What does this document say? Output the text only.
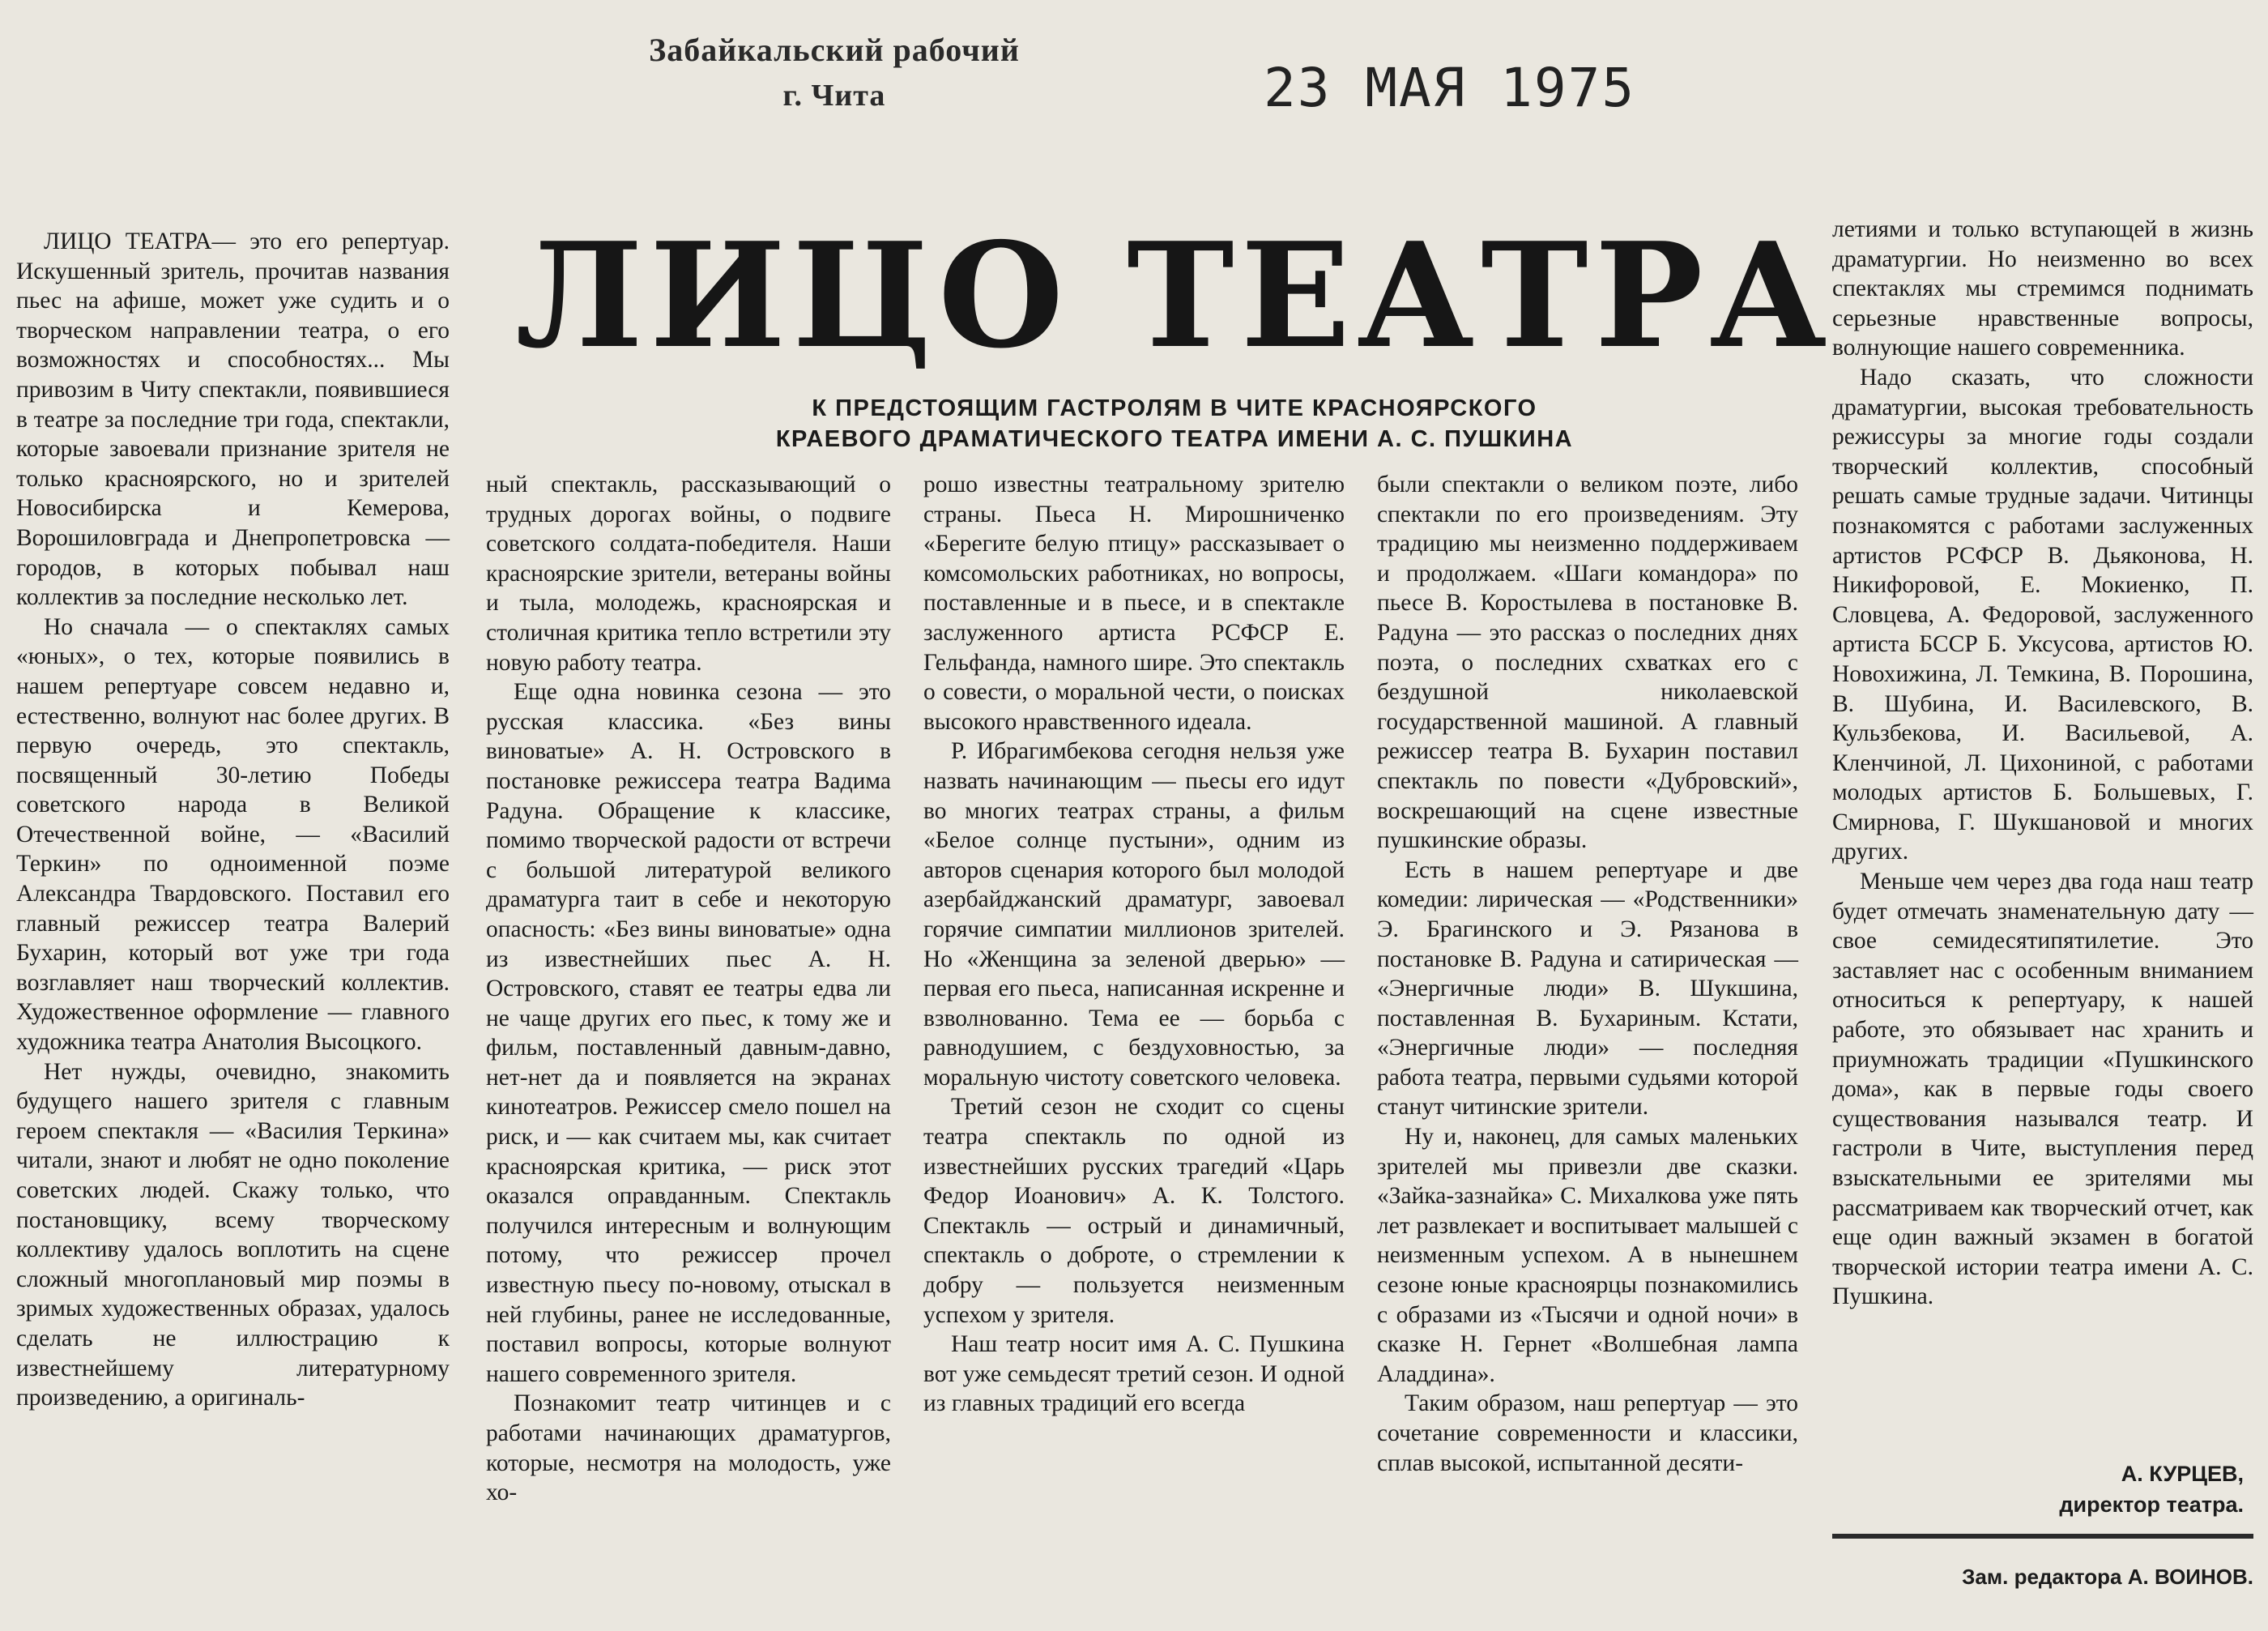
Забайкальский рабочий
г. Чита	23 МАЯ 1975
ЛИЦО ТЕАТРА
К ПРЕДСТОЯЩИМ ГАСТРОЛЯМ В ЧИТЕ КРАСНОЯРСКОГО
КРАЕВОГО ДРАМАТИЧЕСКОГО ТЕАТРА ИМЕНИ А. С. ПУШКИНА

ЛИЦО ТЕАТРА— это его репертуар. Искушенный зритель, прочитав названия пьес на афише, может уже судить и о творческом направлении театра, о его возможностях и способностях... Мы привозим в Читу спектакли, появившиеся в театре за последние три года, спектакли, которые завоевали признание зрителя не только красноярского, но и зрителей Новосибирска и Кемерова, Ворошиловграда и Днепропетровска — городов, в которых побывал наш коллектив за последние несколько лет.

Но сначала — о спектаклях самых «юных», о тех, которые появились в нашем репертуаре совсем недавно и, естественно, волнуют нас более других. В первую очередь, это спектакль, посвященный 30-летию Победы советского народа в Великой Отечественной войне, — «Василий Теркин» по одноименной поэме Александра Твардовского. Поставил его главный режиссер театра Валерий Бухарин, который вот уже три года возглавляет наш творческий коллектив. Художественное оформление — главного художника театра Анатолия Высоцкого.

Нет нужды, очевидно, знакомить будущего нашего зрителя с главным героем спектакля — «Василия Теркина» читали, знают и любят не одно поколение советских людей. Скажу только, что постановщику, всему творческому коллективу удалось воплотить на сцене сложный многоплановый мир поэмы в зримых художественных образах, удалось сделать не иллюстрацию к известнейшему литературному произведению, а оригиналь-

ный спектакль, рассказывающий о трудных дорогах войны, о подвиге советского солдата-победителя. Наши красноярские зрители, ветераны войны и тыла, молодежь, красноярская и столичная критика тепло встретили эту новую работу театра.

Еще одна новинка сезона — это русская классика. «Без вины виноватые» А. Н. Островского в постановке режиссера театра Вадима Радуна. Обращение к классике, помимо творческой радости от встречи с большой литературой великого драматурга таит в себе и некоторую опасность: «Без вины виноватые» одна из известнейших пьес А. Н. Островского, ставят ее театры едва ли не чаще других его пьес, к тому же и фильм, поставленный давным-давно, нет-нет да и появляется на экранах кинотеатров. Режиссер смело пошел на риск, и — как считаем мы, как считает красноярская критика, — риск этот оказался оправданным. Спектакль получился интересным и волнующим потому, что режиссер прочел известную пьесу по-новому, отыскал в ней глубины, ранее не исследованные, поставил вопросы, которые волнуют нашего современного зрителя.

Познакомит театр читинцев и с работами начинающих драматургов, которые, несмотря на молодость, уже хо-

рошо известны театральному зрителю страны. Пьеса Н. Мирошниченко «Берегите белую птицу» рассказывает о комсомольских работниках, но вопросы, поставленные и в пьесе, и в спектакле заслуженного артиста РСФСР Е. Гельфанда, намного шире. Это спектакль о совести, о моральной чести, о поисках высокого нравственного идеала.

Р. Ибрагимбекова сегодня нельзя уже назвать начинающим — пьесы его идут во многих театрах страны, а фильм «Белое солнце пустыни», одним из авторов сценария которого был молодой азербайджанский драматург, завоевал горячие симпатии миллионов зрителей. Но «Женщина за зеленой дверью» — первая его пьеса, написанная искренне и взволнованно. Тема ее — борьба с равнодушием, с бездуховностью, за моральную чистоту советского человека.

Третий сезон не сходит со сцены театра спектакль по одной из известнейших русских трагедий «Царь Федор Иоанович» А. К. Толстого. Спектакль — острый и динамичный, спектакль о доброте, о стремлении к добру — пользуется неизменным успехом у зрителя.

Наш театр носит имя А. С. Пушкина вот уже семьдесят третий сезон. И одной из главных традиций его всегда

были спектакли о великом поэте, либо спектакли по его произведениям. Эту традицию мы неизменно поддерживаем и продолжаем. «Шаги командора» по пьесе В. Коростылева в постановке В. Радуна — это рассказ о последних днях поэта, о последних схватках его с бездушной николаевской государственной машиной. А главный режиссер театра В. Бухарин поставил спектакль по повести «Дубровский», воскрешающий на сцене известные пушкинские образы.

Есть в нашем репертуаре и две комедии: лирическая — «Родственники» Э. Брагинского и Э. Рязанова в постановке В. Радуна и сатирическая — «Энергичные люди» В. Шукшина, поставленная В. Бухариным. Кстати, «Энергичные люди» — последняя работа театра, первыми судьями которой станут читинские зрители.

Ну и, наконец, для самых маленьких зрителей мы привезли две сказки. «Зайка-зазнайка» С. Михалкова уже пять лет развлекает и воспитывает малышей с неизменным успехом. А в нынешнем сезоне юные красноярцы познакомились с образами из «Тысячи и одной ночи» в сказке Н. Гернет «Волшебная лампа Аладдина».

Таким образом, наш репертуар — это сочетание современности и классики, сплав высокой, испытанной десяти-

летиями и только вступающей в жизнь драматургии. Но неизменно во всех спектаклях мы стремимся поднимать серьезные нравственные вопросы, волнующие нашего современника.

Надо сказать, что сложности драматургии, высокая требовательность режиссуры за многие годы создали творческий коллектив, способный решать самые трудные задачи. Читинцы познакомятся с работами заслуженных артистов РСФСР В. Дьяконова, Н. Никифоровой, Е. Мокиенко, П. Словцева, А. Федоровой, заслуженного артиста БССР Б. Уксусова, артистов Ю. Новохижина, Л. Темкина, В. Порошина, В. Шубина, И. Василевского, В. Кульзбекова, И. Васильевой, А. Кленчиной, Л. Цихониной, с работами молодых артистов Б. Большевых, Г. Смирнова, Г. Шукшановой и многих других.

Меньше чем через два года наш театр будет отмечать знаменательную дату — свое семидесятипятилетие. Это заставляет нас с особенным вниманием относиться к репертуару, к нашей работе, это обязывает нас хранить и приумножать традиции «Пушкинского дома», как в первые годы своего существования назывался театр. И гастроли в Чите, выступления перед взыскательными ее зрителями мы рассматриваем как творческий отчет, как еще один важный экзамен в богатой творческой истории театра имени А. С. Пушкина.

А. КУРЦЕВ,
директор театра.
Зам. редактора А. ВОИНОВ.
